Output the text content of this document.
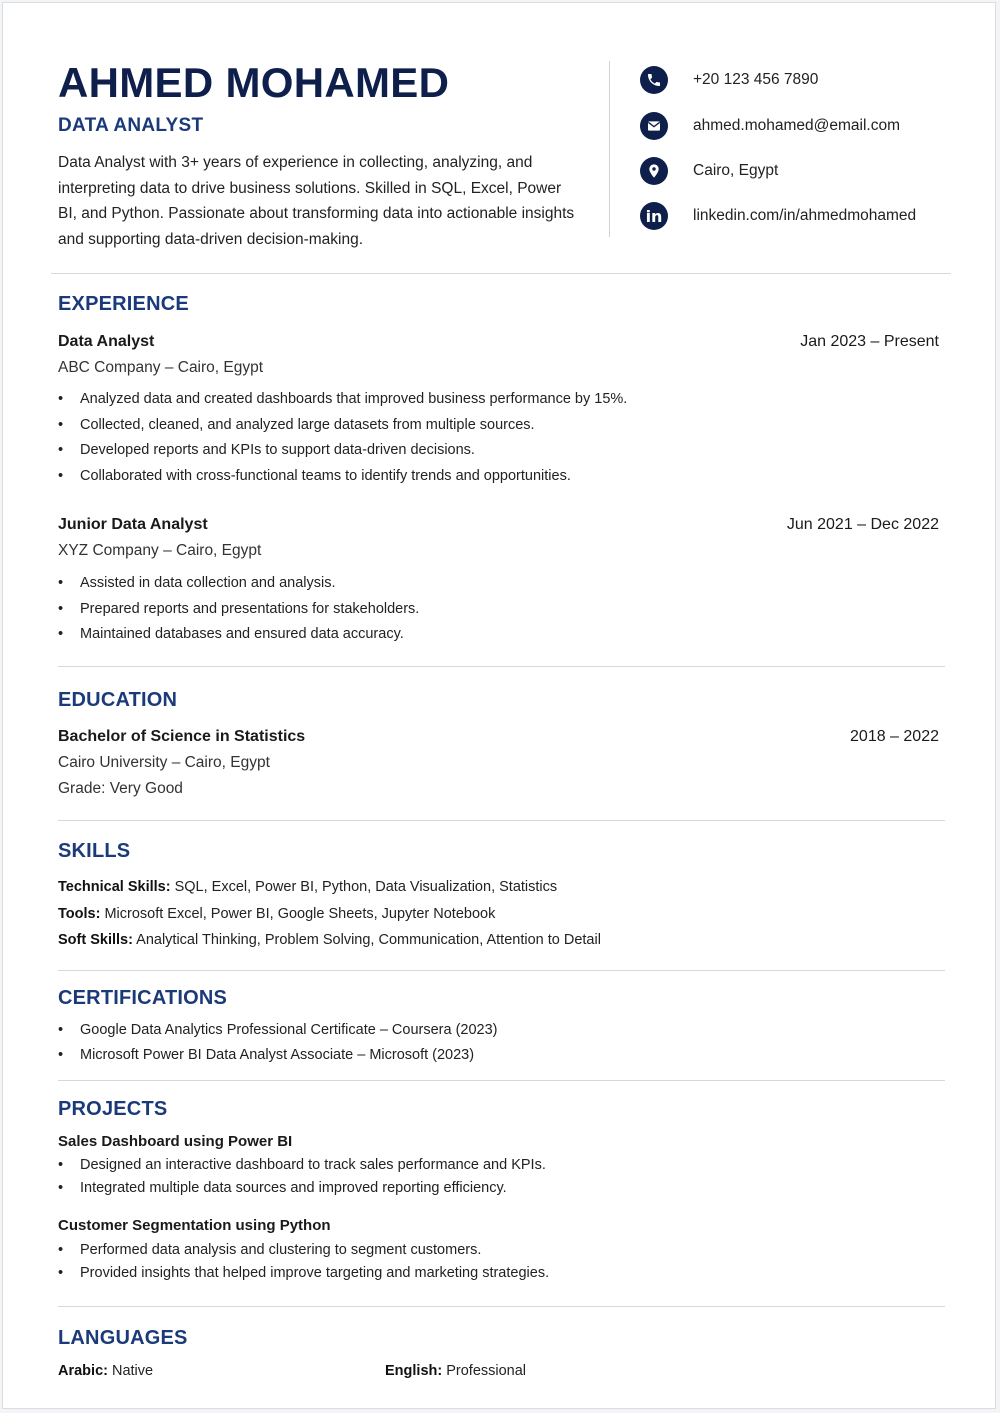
AHMED MOHAMED
DATA ANALYST
Data Analyst with 3+ years of experience in collecting, analyzing, and interpreting data to drive business solutions. Skilled in SQL, Excel, Power BI, and Python. Passionate about transforming data into actionable insights and supporting data-driven decision-making.
+20 123 456 7890
ahmed.mohamed@email.com
Cairo, Egypt
in linkedin.com/in/ahmedmohamed
EXPERIENCE
Data Analyst	Jan 2023 – Present
ABC Company – Cairo, Egypt
• Analyzed data and created dashboards that improved business performance by 15%.
• Collected, cleaned, and analyzed large datasets from multiple sources.
• Developed reports and KPIs to support data-driven decisions.
• Collaborated with cross-functional teams to identify trends and opportunities.
Junior Data Analyst	Jun 2021 – Dec 2022
XYZ Company – Cairo, Egypt
• Assisted in data collection and analysis.
• Prepared reports and presentations for stakeholders.
• Maintained databases and ensured data accuracy.
EDUCATION
Bachelor of Science in Statistics	2018 – 2022
Cairo University – Cairo, Egypt
Grade: Very Good
SKILLS
Technical Skills: SQL, Excel, Power BI, Python, Data Visualization, Statistics
Tools: Microsoft Excel, Power BI, Google Sheets, Jupyter Notebook
Soft Skills: Analytical Thinking, Problem Solving, Communication, Attention to Detail
CERTIFICATIONS
• Google Data Analytics Professional Certificate – Coursera (2023)
• Microsoft Power BI Data Analyst Associate – Microsoft (2023)
PROJECTS
Sales Dashboard using Power BI
• Designed an interactive dashboard to track sales performance and KPIs.
• Integrated multiple data sources and improved reporting efficiency.
Customer Segmentation using Python
• Performed data analysis and clustering to segment customers.
• Provided insights that helped improve targeting and marketing strategies.
LANGUAGES
Arabic: Native	English: Professional
